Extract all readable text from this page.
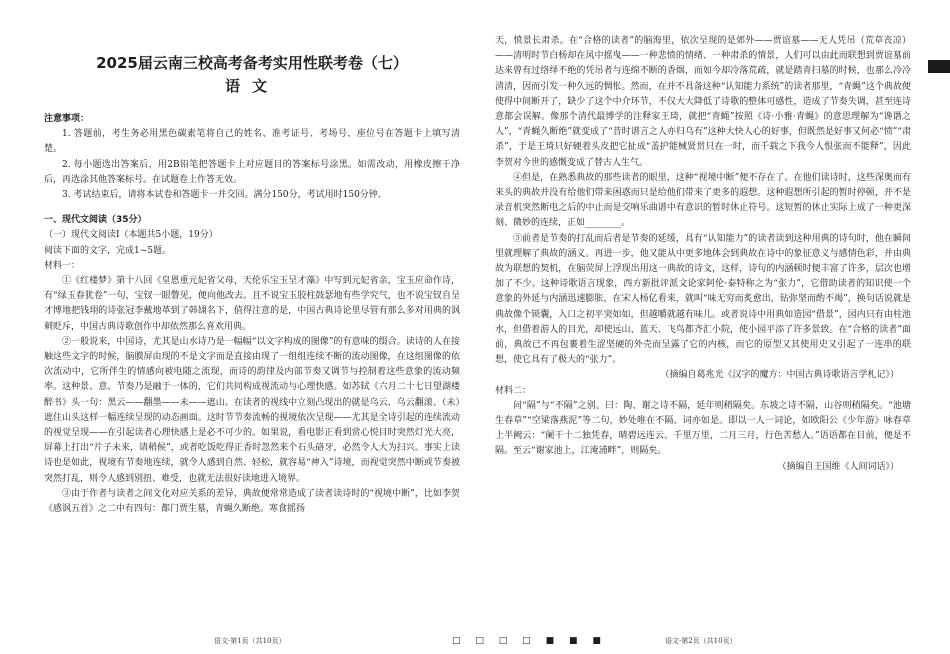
2025届云南三校高考备考实用性联考卷（七）
语文

注意事项：

1. 答题前，考生务必用黑色碳素笔将自己的姓名、准考证号、考场号、座位号在答题卡上填写清楚。

2. 每小题选出答案后，用2B铅笔把答题卡上对应题目的答案标号涂黑。如需改动，用橡皮擦干净后，再选涂其他答案标号。在试题卷上作答无效。

3. 考试结束后，请将本试卷和答题卡一并交回。满分150分，考试用时150分钟。

一、现代文阅读（35分）

（一）现代文阅读Ⅰ（本题共5小题，19分）

阅读下面的文字，完成1~5题。

材料一：

①《红楼梦》第十八回《皇恩重元妃省父母，天伦乐宝玉呈才藻》中写到元妃省亲，宝玉应命作诗，有“绿玉春犹卷”一句，宝钗一眼瞥见，便向他改去。且不说宝玉胶柱鼓瑟地有些学究气，也不说宝钗自呈才博地把钱珝的诗张冠李戴地革到了韩翃名下，值得注意的是，中国古典诗论里尽管有那么多对用典的讽刺贬斥，中国古典诗歌创作中却依然那么喜欢用典。

②一般说来，中国诗，尤其是山水诗乃是一幅幅“以文字构成的图像”的有意味的缀合。读诗的人在接触这些文字的时候，脑膜屏由现的不是文字而是直接由现了一组组连续不断的流动图像，在这组图像的依次流动中，它所伴生的情感向被电随之流现，而诗的韵律及内部节奏又调节与控制着这些意象的流动频率。这种景、意、节奏乃是融于一体的，它们共同构成视流动与心理快感。如苏轼《六月二十七日望湖楼醉书》头一句：黑云——翻墨——未——遮山。在读者的视线中立刻凸现出的就是乌云、乌云翻滚、（未）遮住山头这样一幅连续呈现的动态画面。这时节节奏流畅的视境依次呈现——尤其是全诗引起的连续流动的视觉呈现——在引起读者心理快感上是必不可少的。如果说，看电影正看到赏心悦目时突然灯光大亮，屏幕上打出“片子未来，请稍候”，或者吃饭吃得正香时忽然来个石头硌牙，必然令人大为扫兴。事实上读诗也是如此，视境有节奏地连续，就令人感到自然、轻松，就容易“神入”诗境，而视觉突然中断或节奏被突然打乱，则令人感到别扭、难受，也就无法很好读地进入境界。

③由于作者与读者之间文化对应关系的差异，典故便常常造成了读者读诗时的“视境中断”，比如李贺《感讽五首》之二中有四句：都门贾生墓，青蝇久断绝。寒食摇扬

语文·第1页（共10页）	□ □ □ □ ■ ■ ■

天，愤景长肃杀。在“合格的读者”的脑海里，依次呈现的是郊外——贾谊墓——无人凭吊（荒草丧凉）——清明时节白杨却在风中摇曳——一种悲愤的情绪、一种肃杀的情景，人们可以由此而联想到贾谊墓前达来曾有过络绎不绝的凭吊者与连绵不断的香烟，而如今却冷落荒疏，就是踏青扫墓的时候，也那么冷冷清清，因而引发一种久远的惆怅。然而，在并不具备这种“认知能力系统”的读者那里，“青蝇”这个典故便使得中间断开了，缺少了这个中介环节，不仅大大降低了诗歌的整体可感性，造成了节奏失调，甚至连诗意都会误解。像那个清代最博学的注释家王琦，就把“青蝇”按照《诗·小雅·青蝇》的意思理解为“谗谮之人”，“青蝇久断绝”就变成了“昔时谱言之人亦归乌有”这种大快人心的好事，但既然是好事又何必“愤”“肃杀”，于是王琦只好硬着头皮把它扯成“盖护能械贤贯只在一时，而千载之下我今人恨张而不能释”，因此李贺对今世的感慨变成了替古人生气。

④但是，在熟悉典故的那些读者的眼里，这种“视境中断”便不存在了。在他们读诗时，这些深奥而有来头的典故并没有给他们带来困惑而只是给他们带来了更多的遐想。这种遐想所引起的暂时停顿，并不是录音机突然断电之后的中止而是交响乐曲谱中有意识的暂时休止符号。这短暂的休止实际上成了一种更深刻、微妙的连续，正如________。

⑤前者是节奏的打乱而后者是节奏的延缓，具有“认知能力”的读者读到这种用典的诗句时，他在瞬间里就理解了典故的涵义。再进一步，他又能从中更多地体会到典故在诗中的象征意义与感情色彩，并由典故为联想的契机，在脑荧屏上浮现出用这一典故的诗文，这样，诗句的内涵顿时便丰富了许多，层次也增加了不少。这种诗歌语言现象，西方新批评派文论家阿伦·泰特称之为“张力”，它借助读者的知识使一个意象的外延与内涵迅速膨胀，在宋人杨亿看来，就叫“味无穷而炙愈出，钻弥坚而酌不竭”，换句话说就是典故像个锁囊，入口之初平突如如，但越嚼就越有味儿。或者说诗中用典如造园“借景”，园内只有由柱池水，但借着游人的目光，却使远山、蓝天、飞鸟都齐汇小院，使小园平添了许多景致。在“合格的读者”面前，典故已不再包裹着生涩坚硬的外壳而呈露了它的内核，而它的原型又其使用史又引起了一连串的联想，使它具有了极大的“张力”。

（摘编自葛兆光《汉字的魔方：中国古典诗歌语言学札记》）

材料二：

问“隔”与“不隔”之别。曰：陶、谢之诗不隔，延年则稍隔矣。东坡之诗不隔，山谷则稍隔矣。“池塘生春草”“空梁落燕泥”等二句，妙处唯在不隔。词亦如是。即以一人一词论，如欧阳公《少年游》咏春草上半阙云：“阑干十二独凭春，晴碧远连云。千里万里，二月三月，行色苦愁人。”语语都在目前，便是不隔。至云“谢家池上，江淹浦畔”，则隔矣。

（摘编自王国维《人间词话》）

语文·第2页（共10页）
